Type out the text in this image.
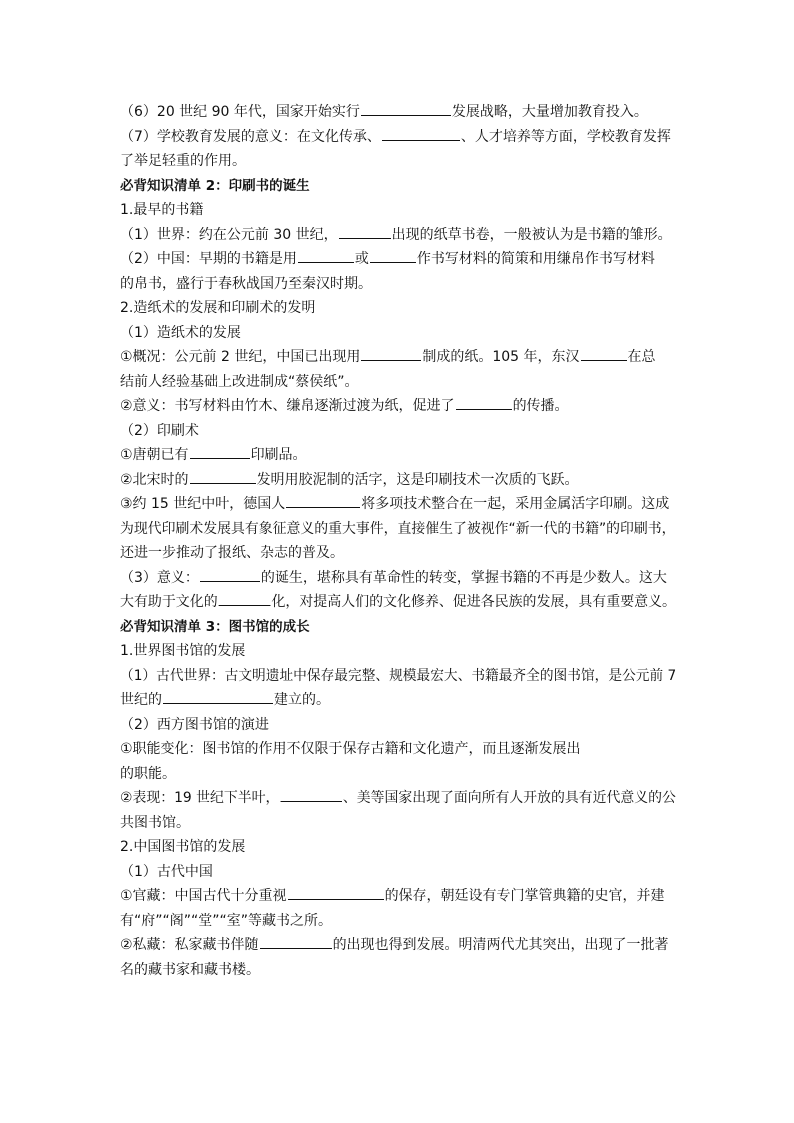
（6）20 世纪 90 年代，国家开始实行	发展战略，大量增加教育投入。
（7）学校教育发展的意义：在文化传承、	、人才培养等方面，学校教育发挥
了举足轻重的作用。
必背知识清单 2：印刷书的诞生
1.最早的书籍
（1）世界：约在公元前 30 世纪，	出现的纸草书卷，一般被认为是书籍的雏形。
（2）中国：早期的书籍是用	或	作书写材料的简策和用缣帛作书写材料
的帛书，盛行于春秋战国乃至秦汉时期。
2.造纸术的发展和印刷术的发明
（1）造纸术的发展
①概况：公元前 2 世纪，中国已出现用	制成的纸。105 年，东汉	在总
结前人经验基础上改进制成“蔡侯纸”。
②意义：书写材料由竹木、缣帛逐渐过渡为纸，促进了	的传播。
（2）印刷术
①唐朝已有	印刷品。
②北宋时的	发明用胶泥制的活字，这是印刷技术一次质的飞跃。
③约 15 世纪中叶，德国人	将多项技术整合在一起，采用金属活字印刷。这成
为现代印刷术发展具有象征意义的重大事件，直接催生了被视作“新一代的书籍”的印刷书，
还进一步推动了报纸、杂志的普及。
（3）意义：	的诞生，堪称具有革命性的转变，掌握书籍的不再是少数人。这大
大有助于文化的	化，对提高人们的文化修养、促进各民族的发展，具有重要意义。
必背知识清单 3：图书馆的成长
1.世界图书馆的发展
（1）古代世界：古文明遗址中保存最完整、规模最宏大、书籍最齐全的图书馆，是公元前 7
世纪的	建立的。
（2）西方图书馆的演进
①职能变化：图书馆的作用不仅限于保存古籍和文化遗产，而且逐渐发展出
的职能。
②表现：19 世纪下半叶，	、美等国家出现了面向所有人开放的具有近代意义的公
共图书馆。
2.中国图书馆的发展
（1）古代中国
①官藏：中国古代十分重视	的保存，朝廷设有专门掌管典籍的史官，并建
有“府”“阁”“堂”“室”等藏书之所。
②私藏：私家藏书伴随	的出现也得到发展。明清两代尤其突出，出现了一批著
名的藏书家和藏书楼。
